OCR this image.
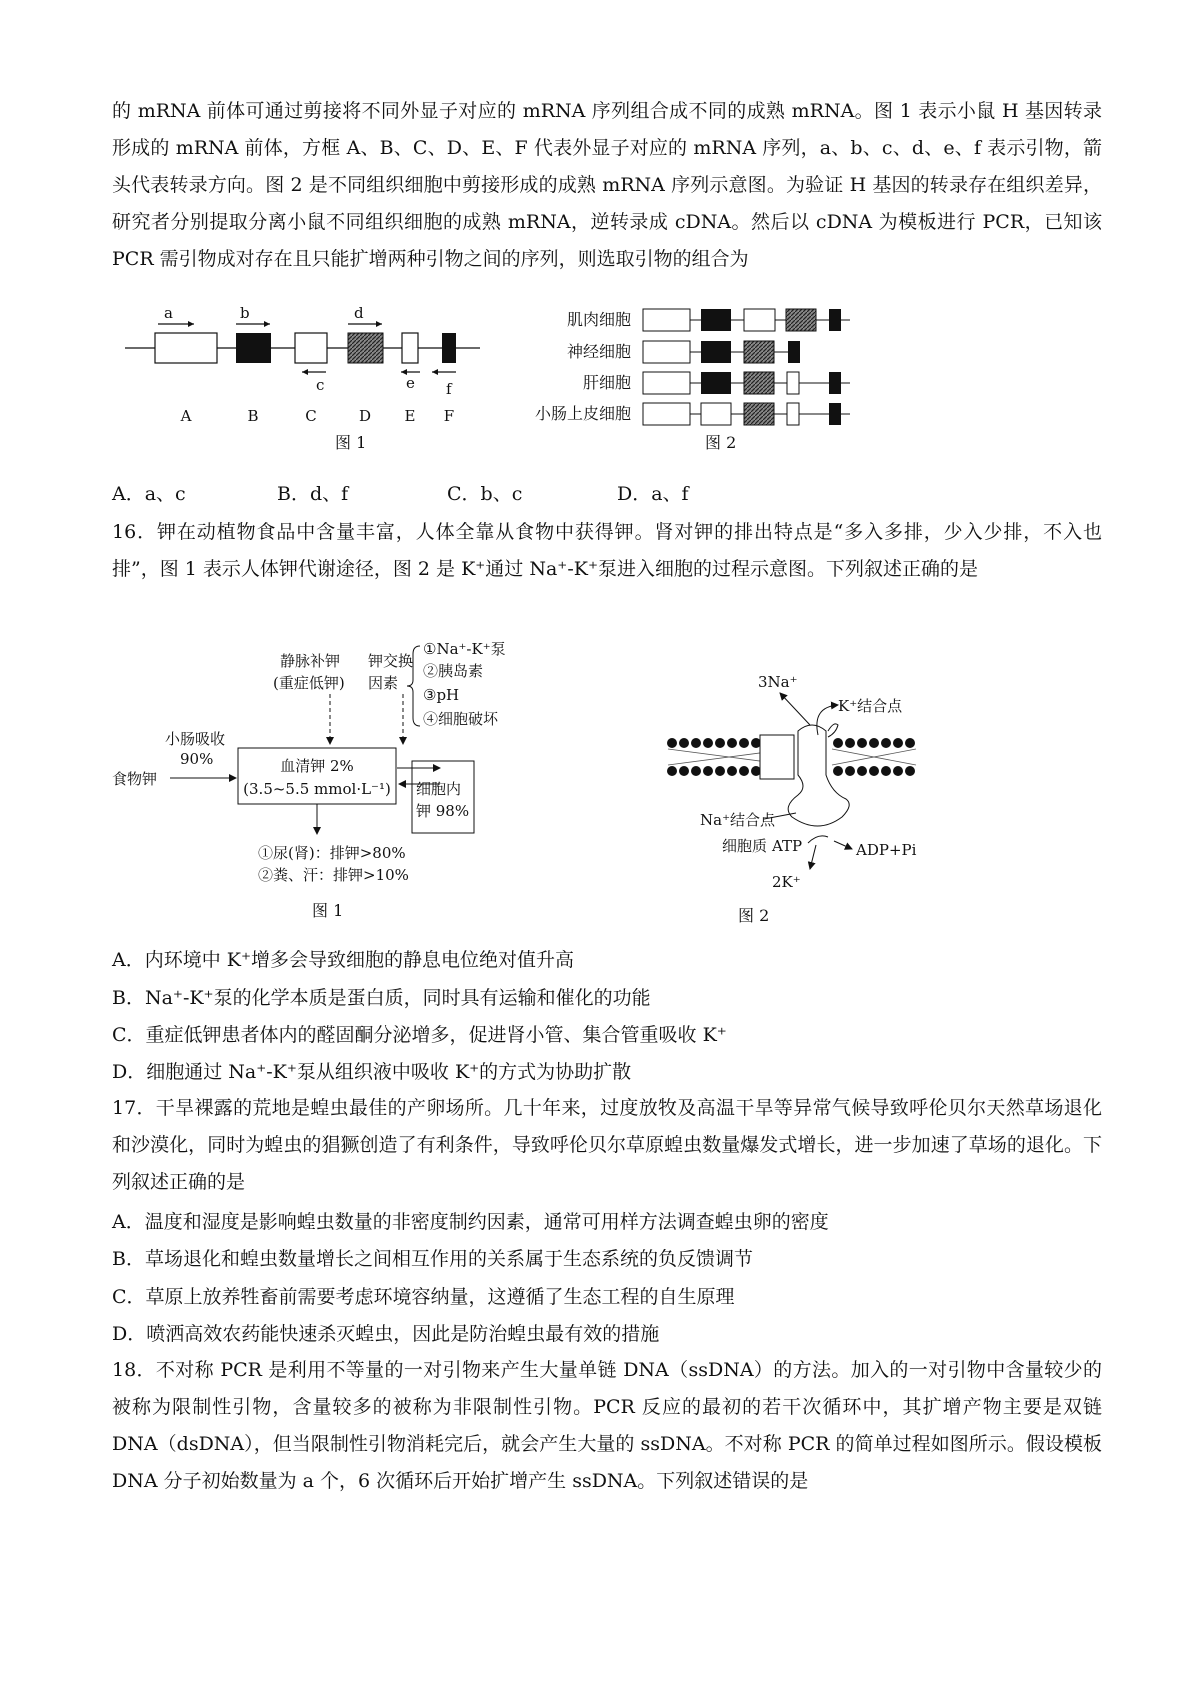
的 mRNA 前体可通过剪接将不同外显子对应的 mRNA 序列组合成不同的成熟 mRNA。图 1 表示小鼠 H 基因转录形成的 mRNA 前体，方框 A、B、C、D、E、F 代表外显子对应的 mRNA 序列，a、b、c、d、e、f 表示引物，箭头代表转录方向。图 2 是不同组织细胞中剪接形成的成熟 mRNA 序列示意图。为验证 H 基因的转录存在组织差异，研究者分别提取分离小鼠不同组织细胞的成熟 mRNA，逆转录成 cDNA。然后以 cDNA 为模板进行 PCR，已知该 PCR 需引物成对存在且只能扩增两种引物之间的序列，则选取引物的组合为

a	b	d
c	e f
A	B	C	D E F
图 1
肌肉细胞
神经细胞
肝细胞
小肠上皮细胞
图 2

A．a、c	B．d、f	C．b、c	D．a、f

16．钾在动植物食品中含量丰富，人体全靠从食物中获得钾。肾对钾的排出特点是“多入多排，少入少排，不入也排”，图 1 表示人体钾代谢途径，图 2 是 K⁺通过 Na⁺-K⁺泵进入细胞的过程示意图。下列叙述正确的是

静脉补钾
(重症低钾)
钾交换
因素
①Na⁺-K⁺泵
②胰岛素
③pH
④细胞破坏
小肠吸收
90%
食物钾
血清钾 2%
(3.5~5.5 mmol·L⁻¹) 细胞内
钾 98%
①尿(肾)：排钾>80%
②粪、汗：排钾>10%
图 1
3Na⁺
K⁺结合点
Na⁺结合点
细胞质 ATP	ADP+Pi
2K⁺
图 2

A．内环境中 K⁺增多会导致细胞的静息电位绝对值升高

B．Na⁺-K⁺泵的化学本质是蛋白质，同时具有运输和催化的功能

C．重症低钾患者体内的醛固酮分泌增多，促进肾小管、集合管重吸收 K⁺

D．细胞通过 Na⁺-K⁺泵从组织液中吸收 K⁺的方式为协助扩散

17．干旱裸露的荒地是蝗虫最佳的产卵场所。几十年来，过度放牧及高温干旱等异常气候导致呼伦贝尔天然草场退化和沙漠化，同时为蝗虫的猖獗创造了有利条件，导致呼伦贝尔草原蝗虫数量爆发式增长，进一步加速了草场的退化。下列叙述正确的是

A．温度和湿度是影响蝗虫数量的非密度制约因素，通常可用样方法调查蝗虫卵的密度

B．草场退化和蝗虫数量增长之间相互作用的关系属于生态系统的负反馈调节

C．草原上放养牲畜前需要考虑环境容纳量，这遵循了生态工程的自生原理

D．喷洒高效农药能快速杀灭蝗虫，因此是防治蝗虫最有效的措施

18．不对称 PCR 是利用不等量的一对引物来产生大量单链 DNA（ssDNA）的方法。加入的一对引物中含量较少的被称为限制性引物，含量较多的被称为非限制性引物。PCR 反应的最初的若干次循环中，其扩增产物主要是双链 DNA（dsDNA），但当限制性引物消耗完后，就会产生大量的 ssDNA。不对称 PCR 的简单过程如图所示。假设模板 DNA 分子初始数量为 a 个，6 次循环后开始扩增产生 ssDNA。下列叙述错误的是
